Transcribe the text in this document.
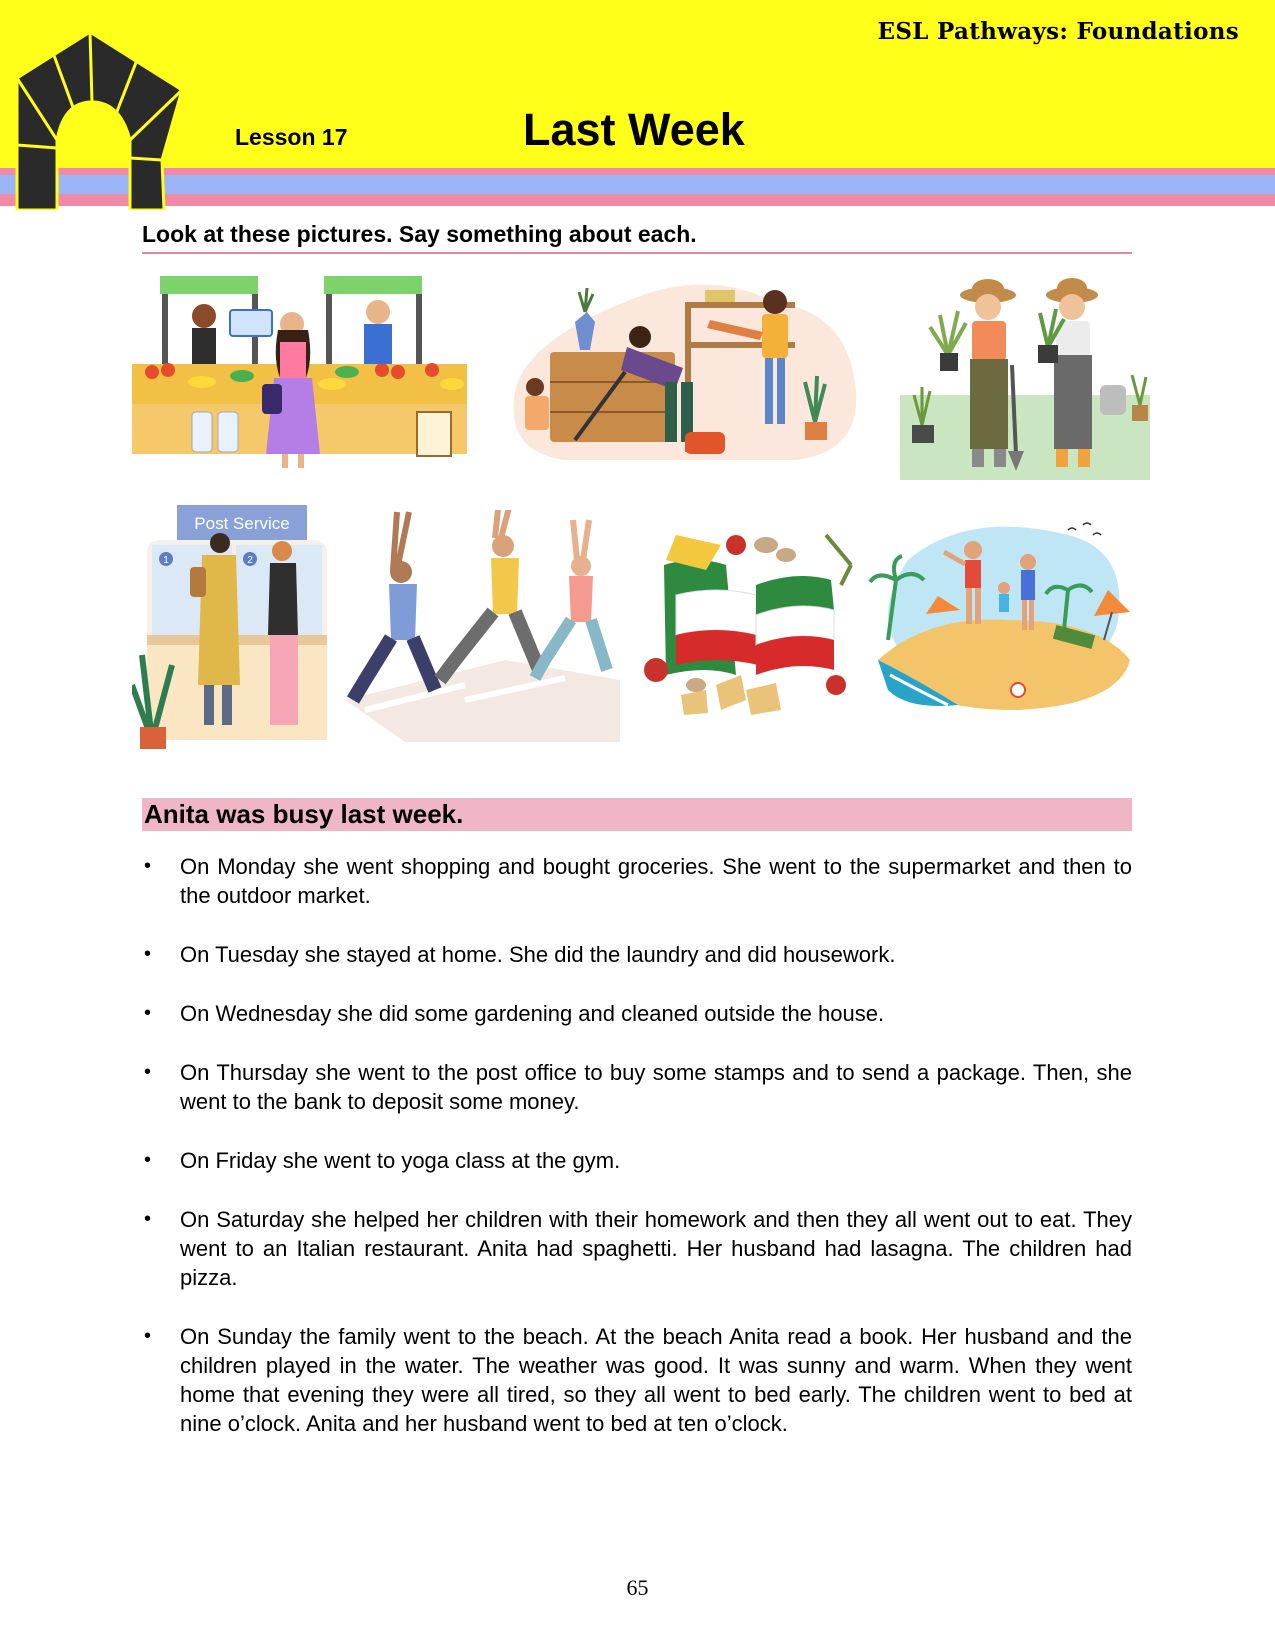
ESL Pathways: Foundations
Lesson 17	Last Week
Look at these pictures. Say something about each.
Post Service
1	2
Anita was busy last week.
• On Monday she went shopping and bought groceries. She went to the supermarket and then to the outdoor market.
• On Tuesday she stayed at home. She did the laundry and did housework.
• On Wednesday she did some gardening and cleaned outside the house.
• On Thursday she went to the post office to buy some stamps and to send a package. Then, she went to the bank to deposit some money.
• On Friday she went to yoga class at the gym.
• On Saturday she helped her children with their homework and then they all went out to eat. They went to an Italian restaurant. Anita had spaghetti. Her husband had lasagna. The children had pizza.
• On Sunday the family went to the beach. At the beach Anita read a book. Her husband and the children played in the water. The weather was good. It was sunny and warm. When they went home that evening they were all tired, so they all went to bed early. The children went to bed at nine o’clock. Anita and her husband went to bed at ten o’clock.
65
